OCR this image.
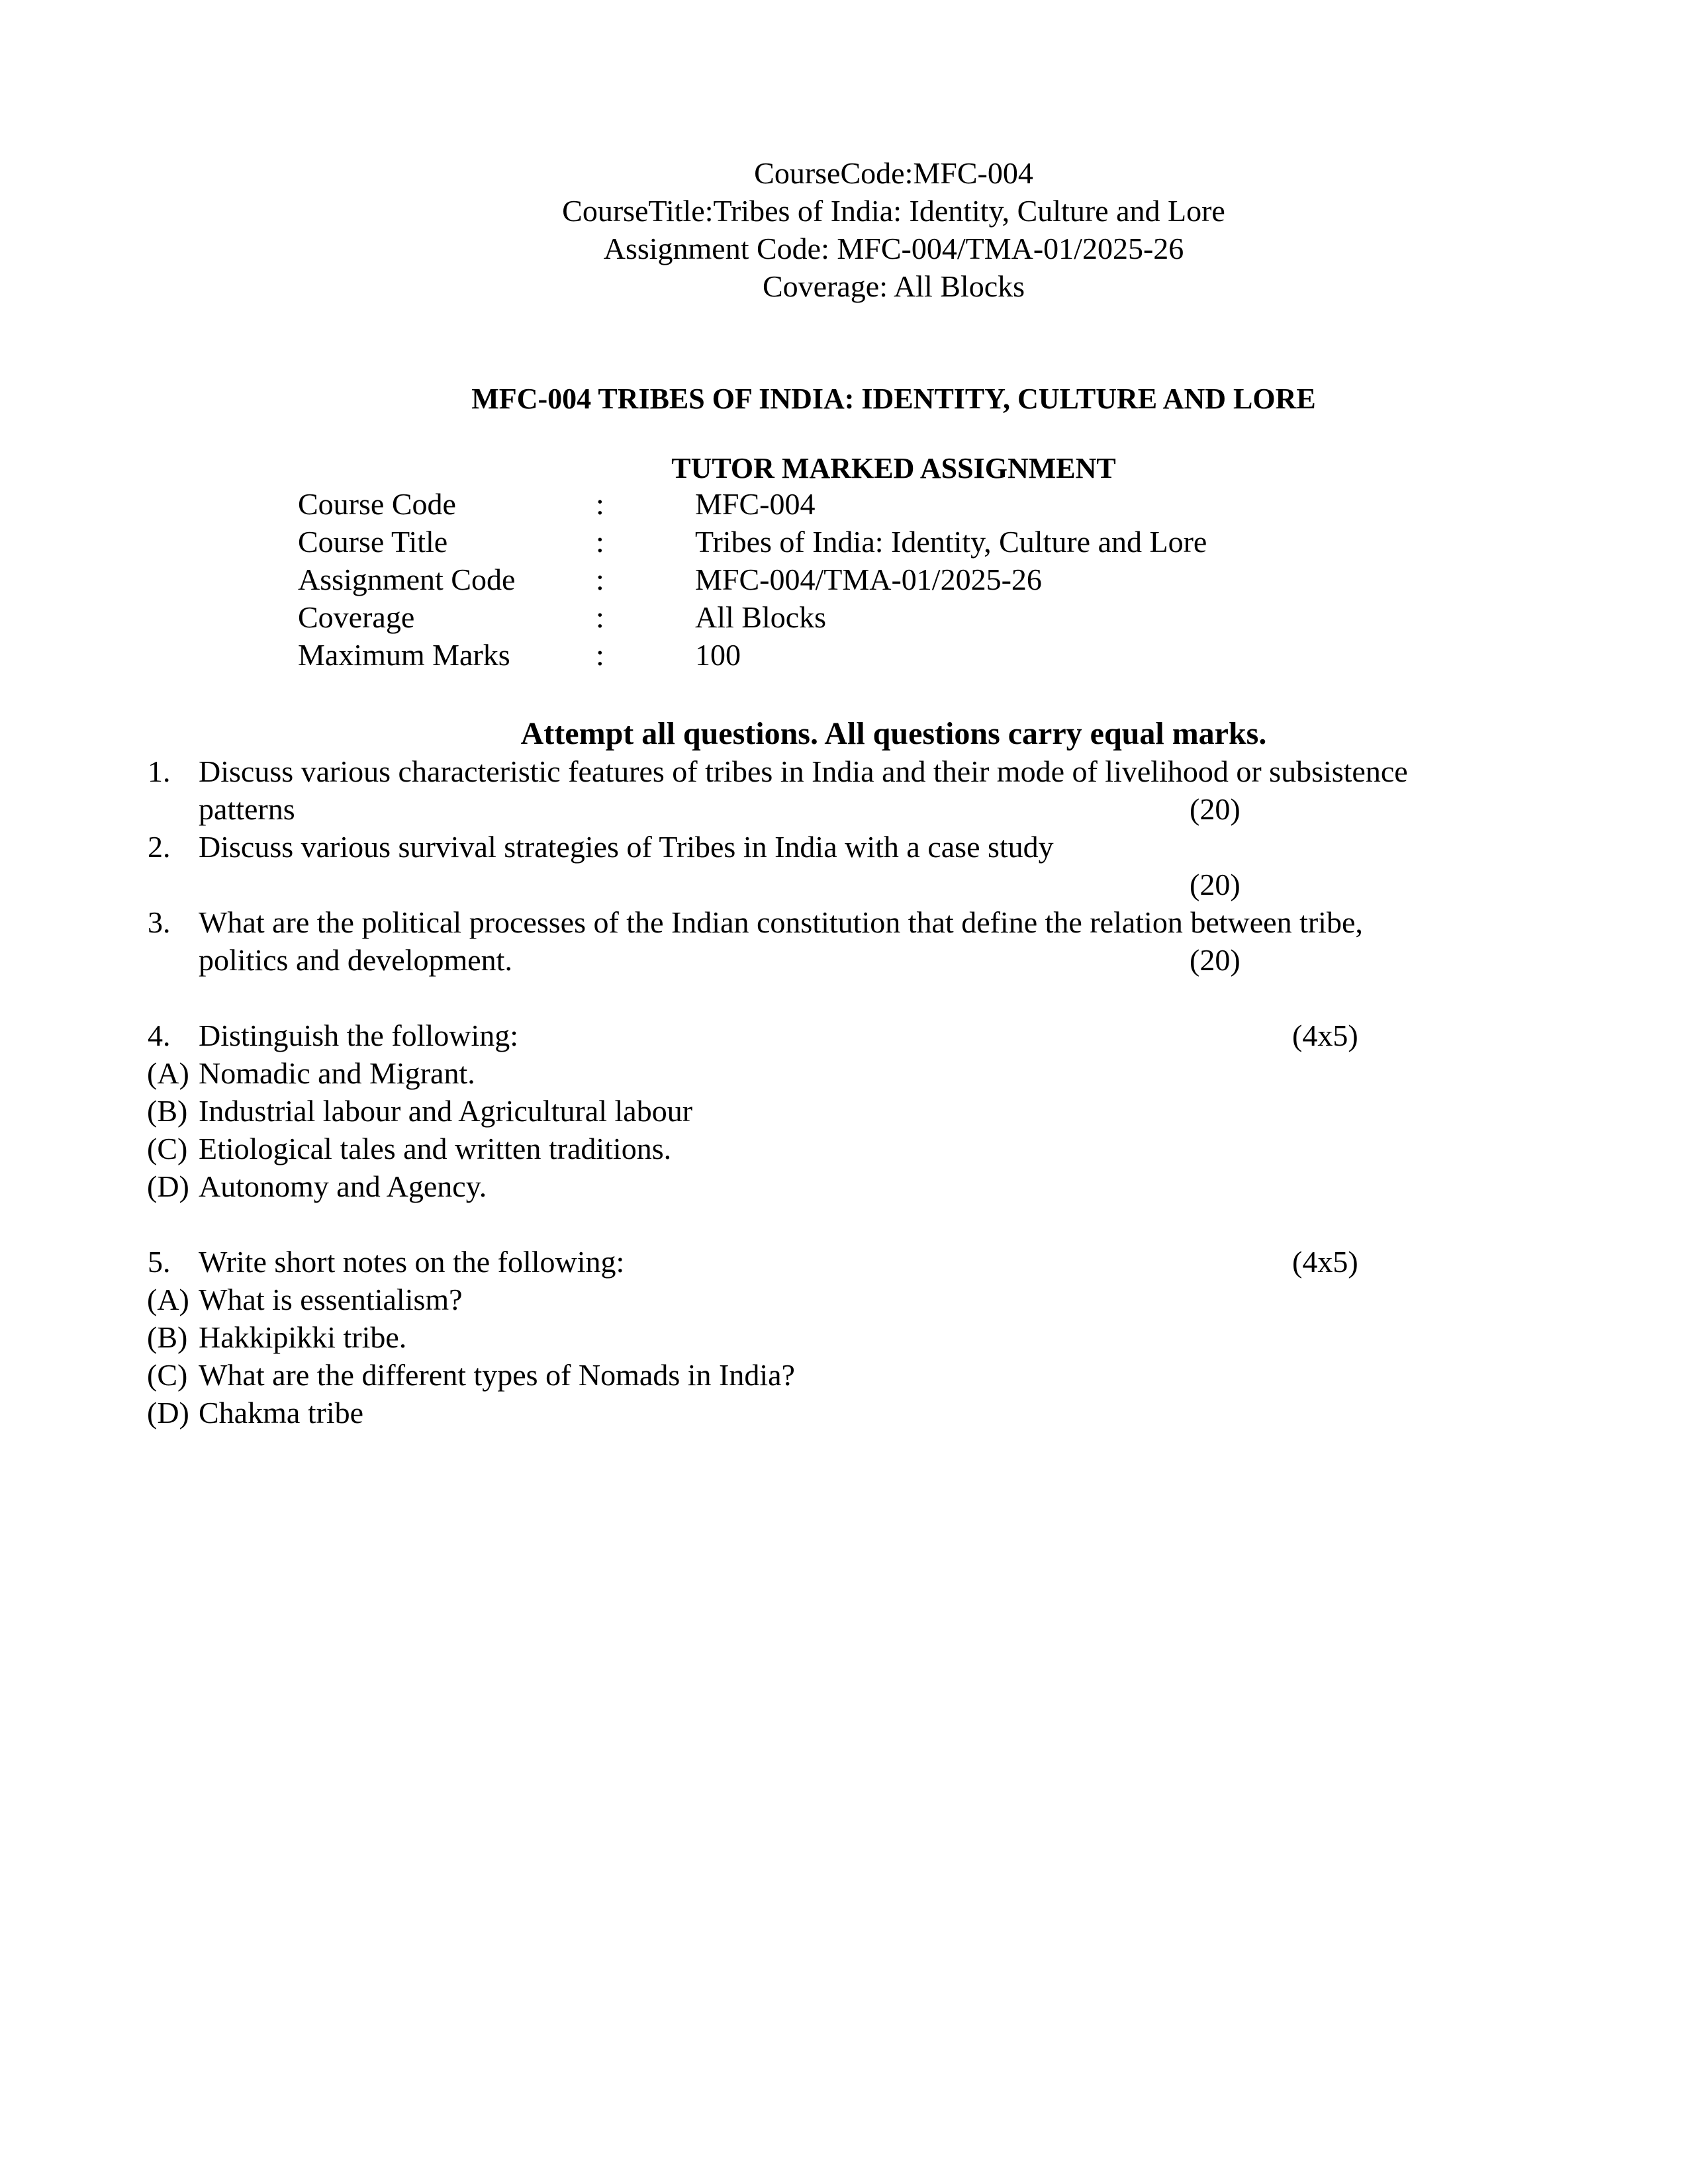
CourseCode:MFC-004
CourseTitle:Tribes of India: Identity, Culture and Lore
Assignment Code: MFC-004/TMA-01/2025-26
Coverage: All Blocks
MFC-004 TRIBES OF INDIA: IDENTITY, CULTURE AND LORE
TUTOR MARKED ASSIGNMENT
Course Code	:	MFC-004
Course Title	:	Tribes of India: Identity, Culture and Lore
Assignment Code	:	MFC-004/TMA-01/2025-26
Coverage	:	All Blocks
Maximum Marks	:	100
Attempt all questions. All questions carry equal marks.
1. Discuss various characteristic features of tribes in India and their mode of livelihood or subsistence
patterns	(20)
2. Discuss various survival strategies of Tribes in India with a case study
(20)
3. What are the political processes of the Indian constitution that define the relation between tribe,
politics and development.	(20)
4. Distinguish the following:	(4x5)
(A) Nomadic and Migrant.
(B) Industrial labour and Agricultural labour
(C) Etiological tales and written traditions.
(D) Autonomy and Agency.
5. Write short notes on the following:	(4x5)
(A) What is essentialism?
(B) Hakkipikki tribe.
(C) What are the different types of Nomads in India?
(D) Chakma tribe
